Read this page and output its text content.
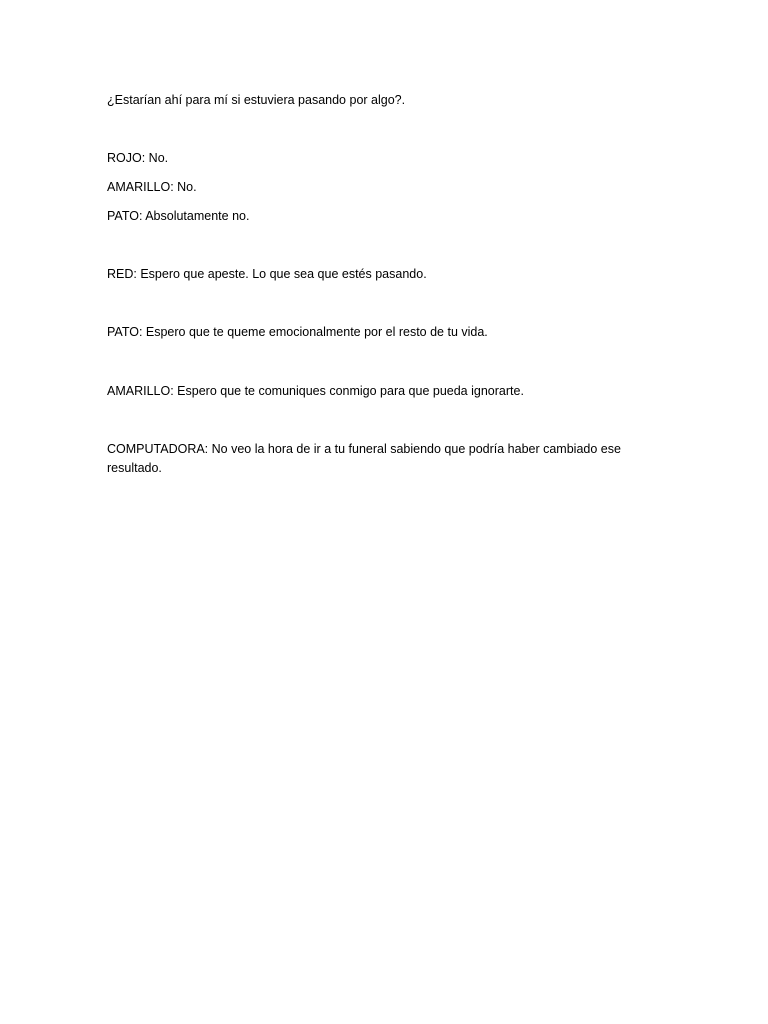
¿Estarían ahí para mí si estuviera pasando por algo?.

ROJO: No.

AMARILLO: No.

PATO: Absolutamente no.

RED: Espero que apeste. Lo que sea que estés pasando.

PATO: Espero que te queme emocionalmente por el resto de tu vida.

AMARILLO: Espero que te comuniques conmigo para que pueda ignorarte.

COMPUTADORA: No veo la hora de ir a tu funeral sabiendo que podría haber cambiado ese resultado.
